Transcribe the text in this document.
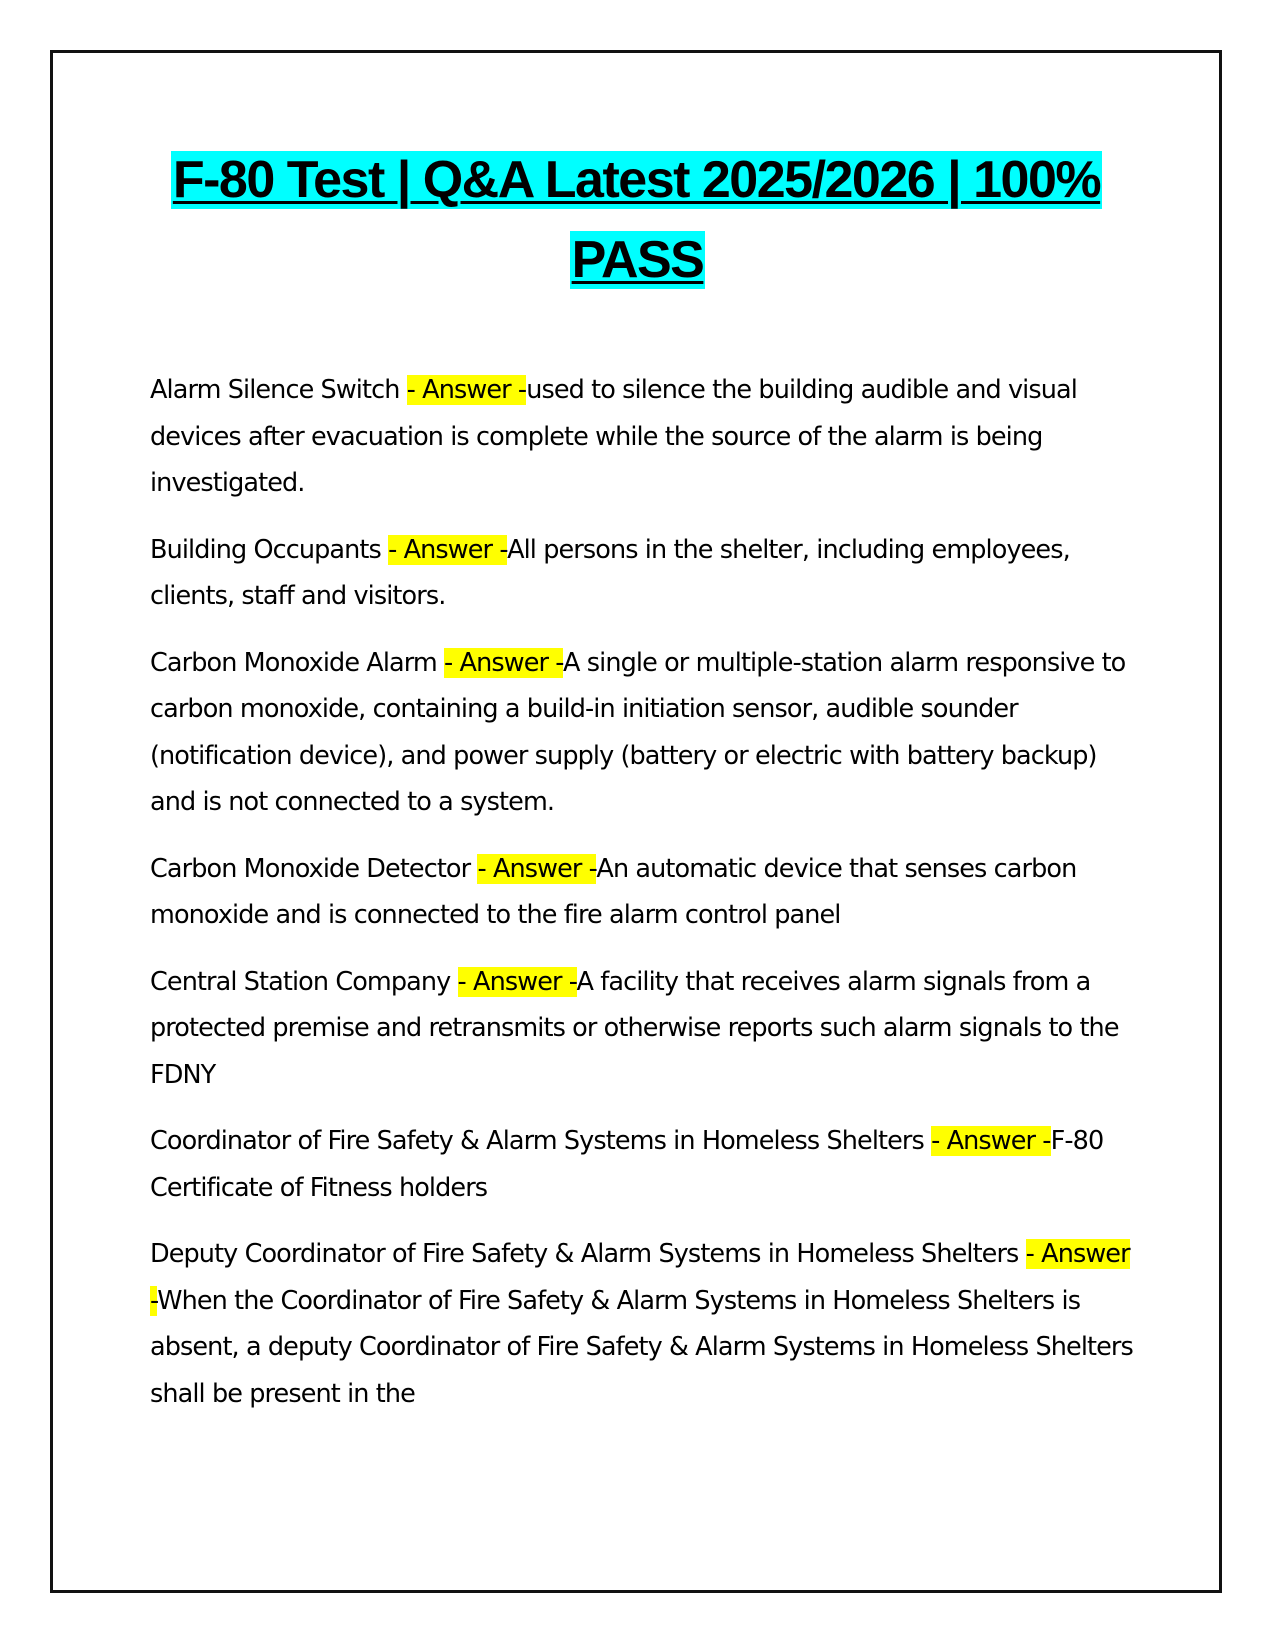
F-80 Test | Q&A Latest 2025/2026 | 100% PASS

Alarm Silence Switch - Answer -used to silence the building audible and visual devices after evacuation is complete while the source of the alarm is being investigated.

Building Occupants - Answer -All persons in the shelter, including employees, clients, staff and visitors.

Carbon Monoxide Alarm - Answer -A single or multiple-station alarm responsive to carbon monoxide, containing a build-in initiation sensor, audible sounder (notification device), and power supply (battery or electric with battery backup) and is not connected to a system.

Carbon Monoxide Detector - Answer -An automatic device that senses carbon monoxide and is connected to the fire alarm control panel

Central Station Company - Answer -A facility that receives alarm signals from a protected premise and retransmits or otherwise reports such alarm signals to the FDNY

Coordinator of Fire Safety & Alarm Systems in Homeless Shelters - Answer -F-80 Certificate of Fitness holders

Deputy Coordinator of Fire Safety & Alarm Systems in Homeless Shelters - Answer -When the Coordinator of Fire Safety & Alarm Systems in Homeless Shelters is absent, a deputy Coordinator of Fire Safety & Alarm Systems in Homeless Shelters shall be present in the
